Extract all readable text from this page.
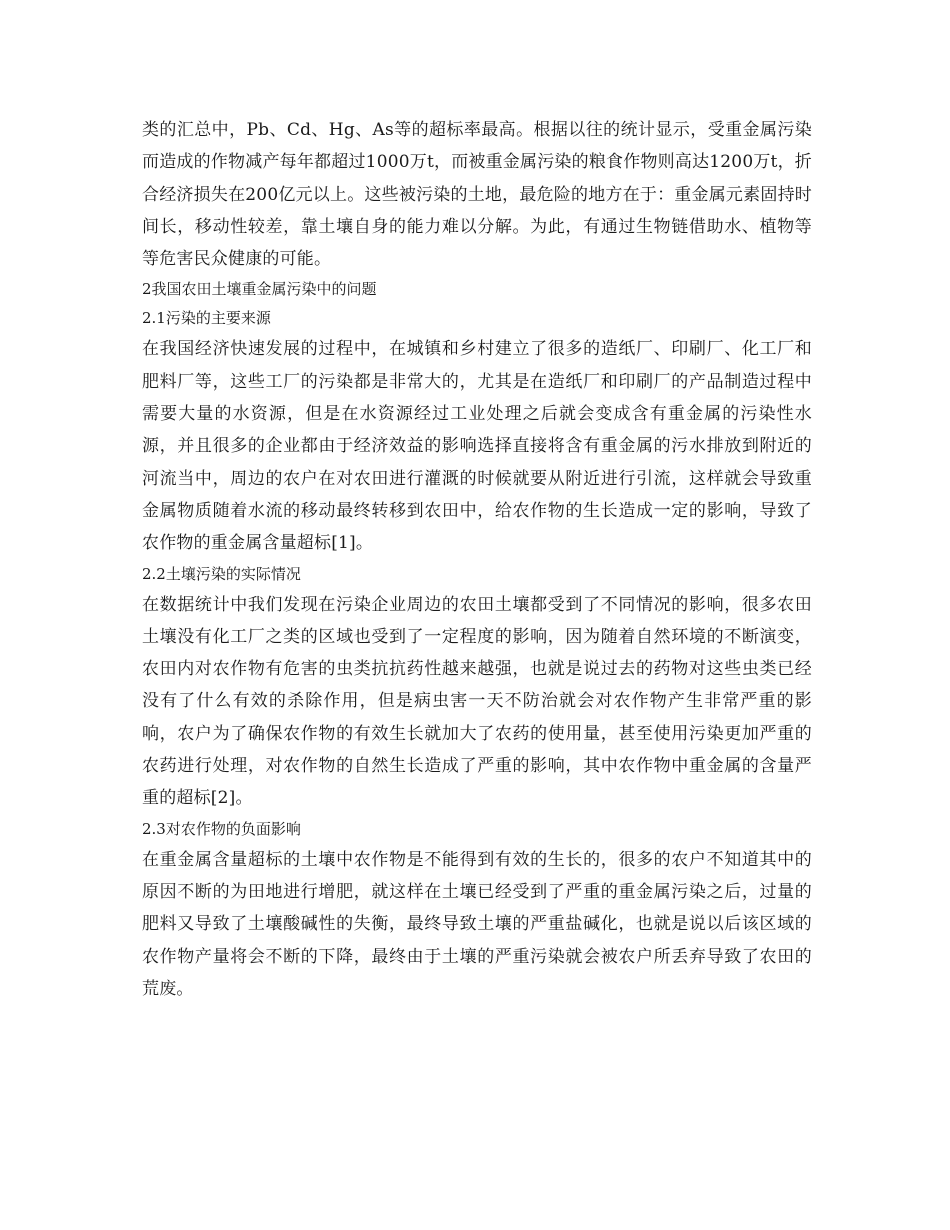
类的汇总中，Pb、Cd、Hg、As等的超标率最高。根据以往的统计显示，受重金属污染而造成的作物减产每年都超过1000万t，而被重金属污染的粮食作物则高达1200万t，折合经济损失在200亿元以上。这些被污染的土地，最危险的地方在于：重金属元素固持时间长，移动性较差，靠土壤自身的能力难以分解。为此，有通过生物链借助水、植物等等危害民众健康的可能。

2我国农田土壤重金属污染中的问题
2.1污染的主要来源

在我国经济快速发展的过程中，在城镇和乡村建立了很多的造纸厂、印刷厂、化工厂和肥料厂等，这些工厂的污染都是非常大的，尤其是在造纸厂和印刷厂的产品制造过程中需要大量的水资源，但是在水资源经过工业处理之后就会变成含有重金属的污染性水源，并且很多的企业都由于经济效益的影响选择直接将含有重金属的污水排放到附近的河流当中，周边的农户在对农田进行灌溉的时候就要从附近进行引流，这样就会导致重金属物质随着水流的移动最终转移到农田中，给农作物的生长造成一定的影响，导致了农作物的重金属含量超标[1]。

2.2土壤污染的实际情况

在数据统计中我们发现在污染企业周边的农田土壤都受到了不同情况的影响，很多农田土壤没有化工厂之类的区域也受到了一定程度的影响，因为随着自然环境的不断演变，农田内对农作物有危害的虫类抗抗药性越来越强，也就是说过去的药物对这些虫类已经没有了什么有效的杀除作用，但是病虫害一天不防治就会对农作物产生非常严重的影响，农户为了确保农作物的有效生长就加大了农药的使用量，甚至使用污染更加严重的农药进行处理，对农作物的自然生长造成了严重的影响，其中农作物中重金属的含量严重的超标[2]。

2.3对农作物的负面影响

在重金属含量超标的土壤中农作物是不能得到有效的生长的，很多的农户不知道其中的原因不断的为田地进行增肥，就这样在土壤已经受到了严重的重金属污染之后，过量的肥料又导致了土壤酸碱性的失衡，最终导致土壤的严重盐碱化，也就是说以后该区域的农作物产量将会不断的下降，最终由于土壤的严重污染就会被农户所丢弃导致了农田的荒废。
